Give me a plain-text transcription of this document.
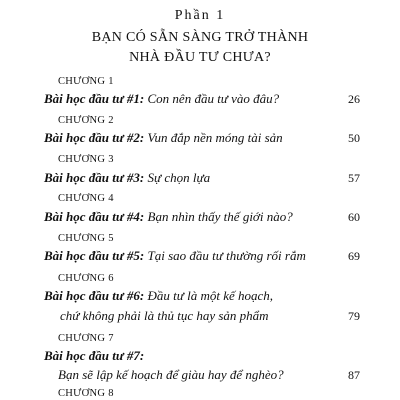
Phần 1
BẠN CÓ SẴN SÀNG TRỞ THÀNH
NHÀ ĐẦU TƯ CHƯA?
CHƯƠNG 1
Bài học đầu tư #1: Con nên đầu tư vào đâu?	26
CHƯƠNG 2
Bài học đầu tư #2: Vun đắp nền móng tài sản	50
CHƯƠNG 3
Bài học đầu tư #3: Sự chọn lựa	57
CHƯƠNG 4
Bài học đầu tư #4: Bạn nhìn thấy thế giới nào?	60
CHƯƠNG 5
Bài học đầu tư #5: Tại sao đầu tư thường rối rắm	69
CHƯƠNG 6
Bài học đầu tư #6: Đầu tư là một kế hoạch,
chứ không phải là thủ tục hay sản phẩm	79
CHƯƠNG 7
Bài học đầu tư #7:
Bạn sẽ lập kế hoạch để giàu hay để nghèo?	87
CHƯƠNG 8
